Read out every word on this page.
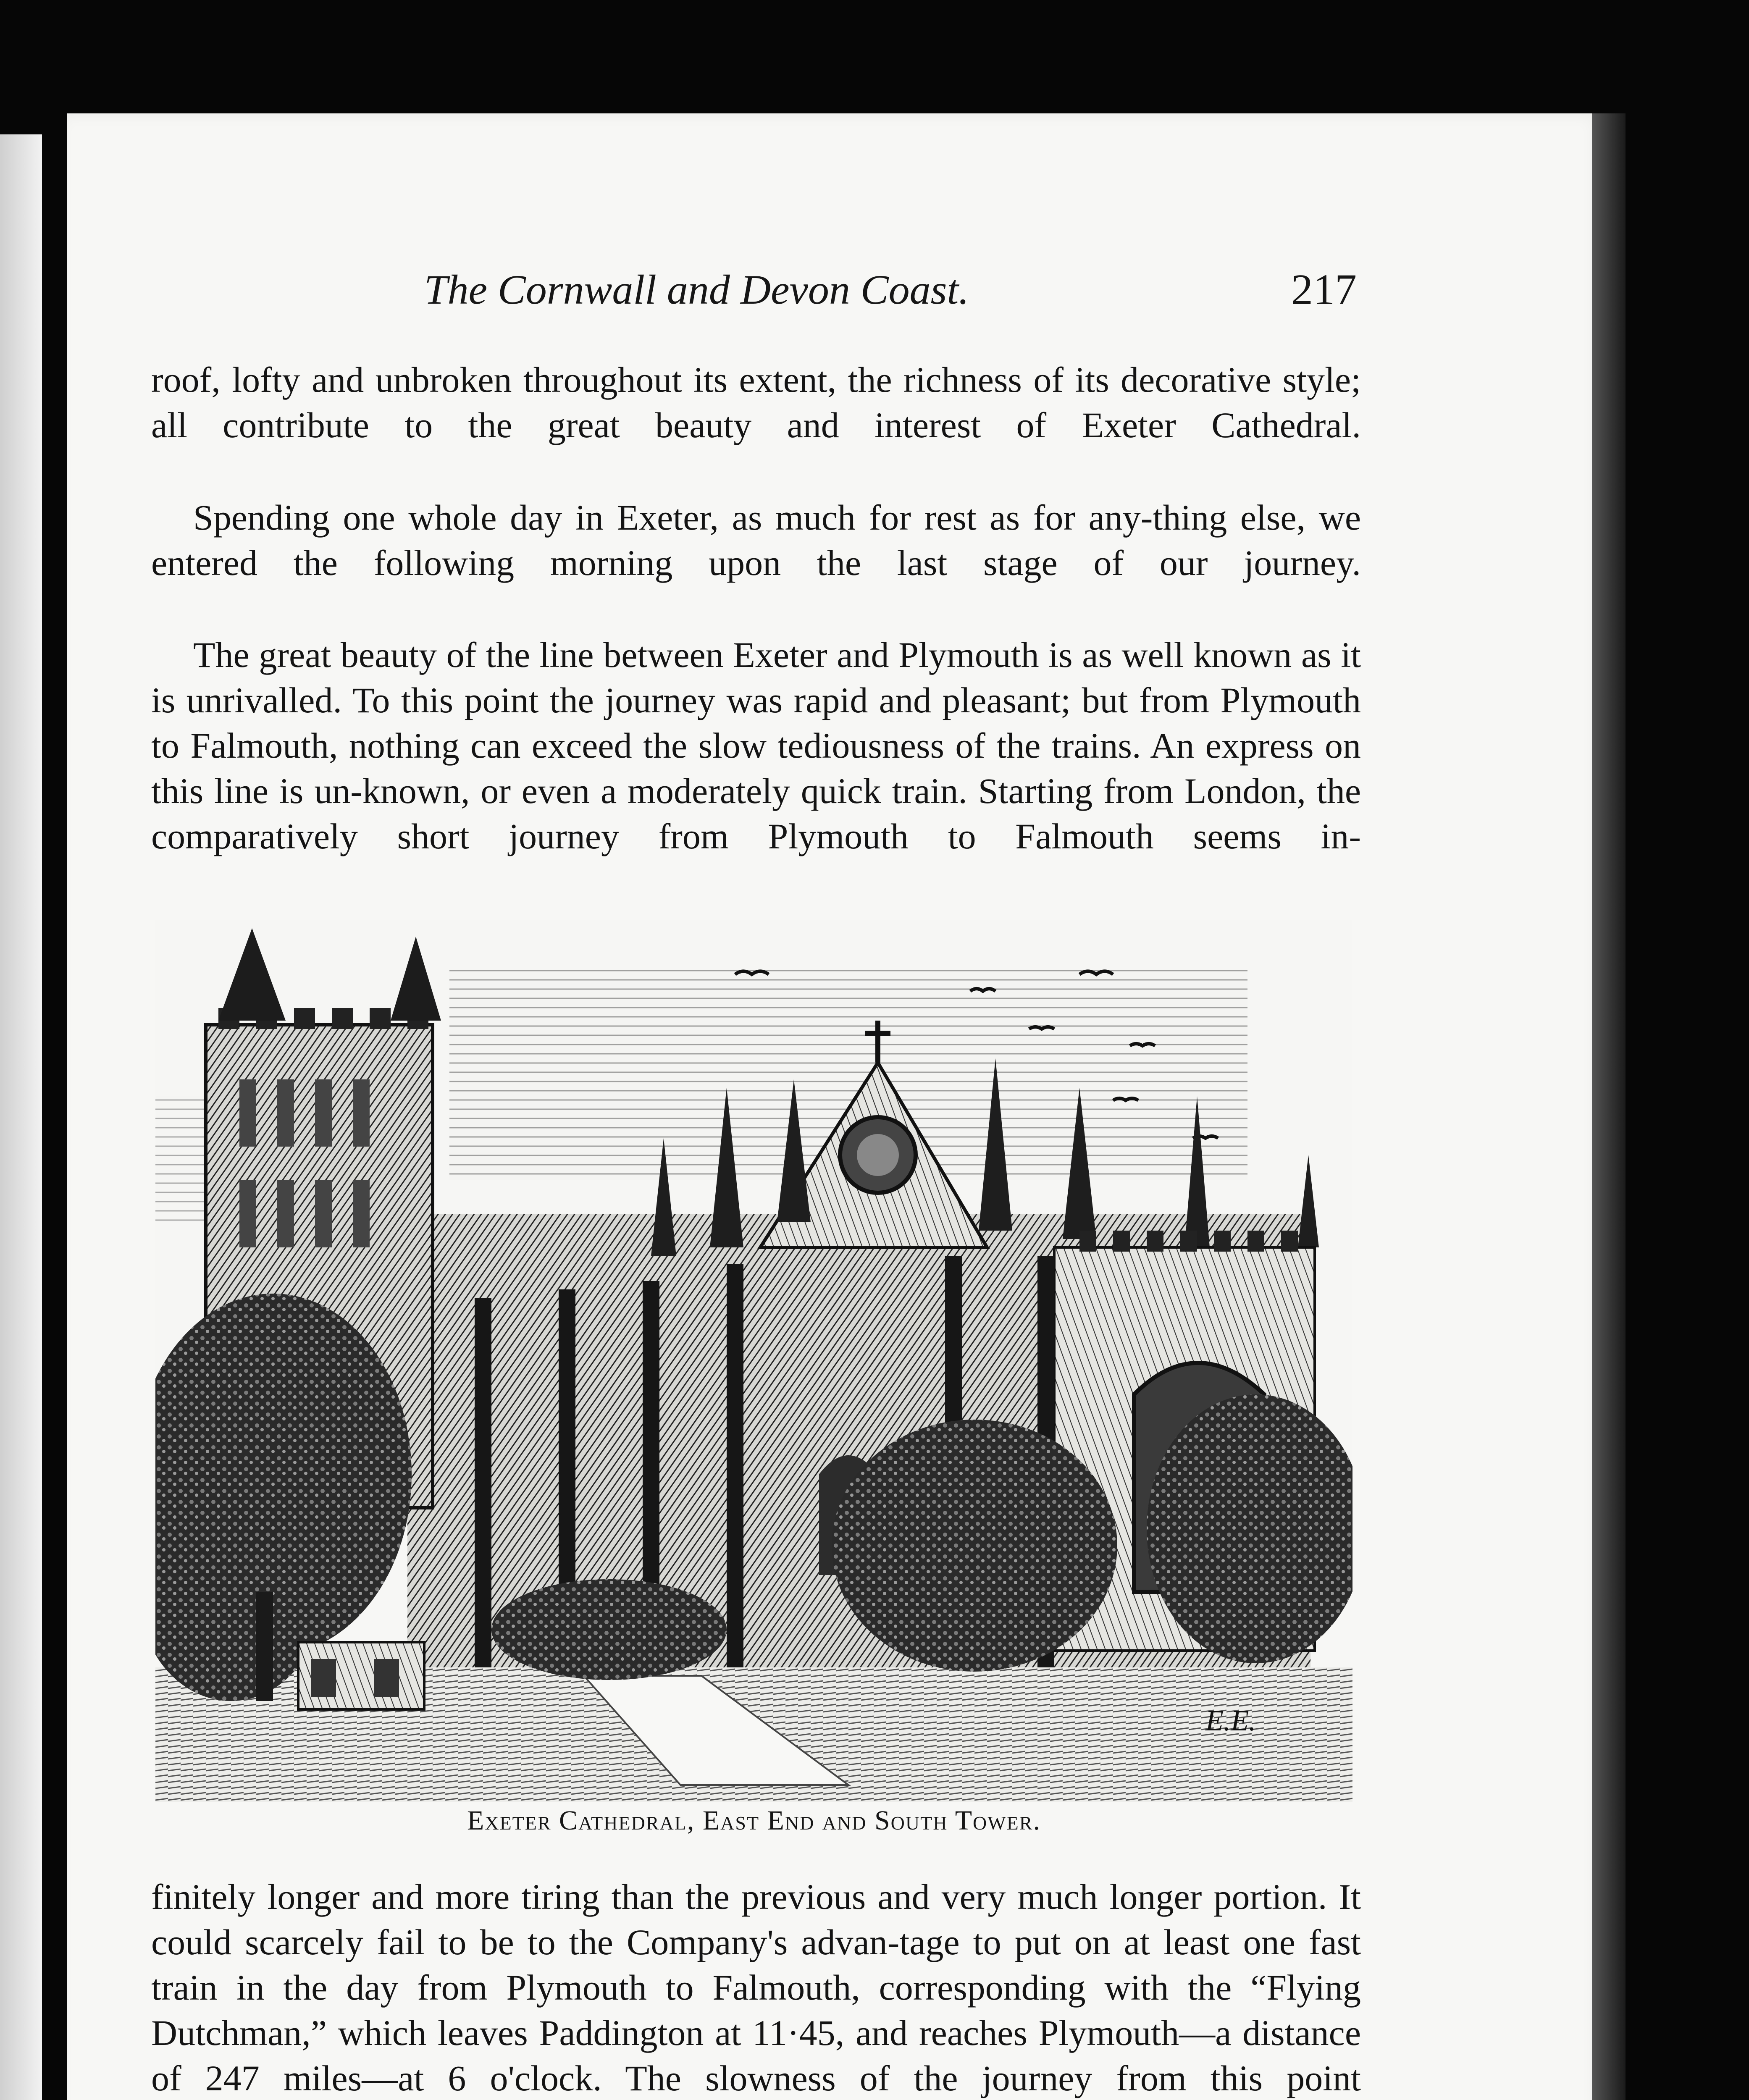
The Cornwall and Devon Coast.	217

roof, lofty and unbroken throughout its extent, the richness of its decorative style; all contribute to the great beauty and interest of Exeter Cathedral.

Spending one whole day in Exeter, as much for rest as for any-thing else, we entered the following morning upon the last stage of our journey.

The great beauty of the line between Exeter and Plymouth is as well known as it is unrivalled. To this point the journey was rapid and pleasant; but from Plymouth to Falmouth, nothing can exceed the slow tediousness of the trains. An express on this line is un-known, or even a moderately quick train. Starting from London, the comparatively short journey from Plymouth to Falmouth seems in-

E.E.
Exeter Cathedral, East End and South Tower.

finitely longer and more tiring than the previous and very much longer portion. It could scarcely fail to be to the Company's advan-tage to put on at least one fast train in the day from Plymouth to Falmouth, corresponding with the “Flying Dutchman,” which leaves Paddington at 11·45, and reaches Plymouth—a distance of 247 miles—at 6 o'clock. The slowness of the journey from this point
